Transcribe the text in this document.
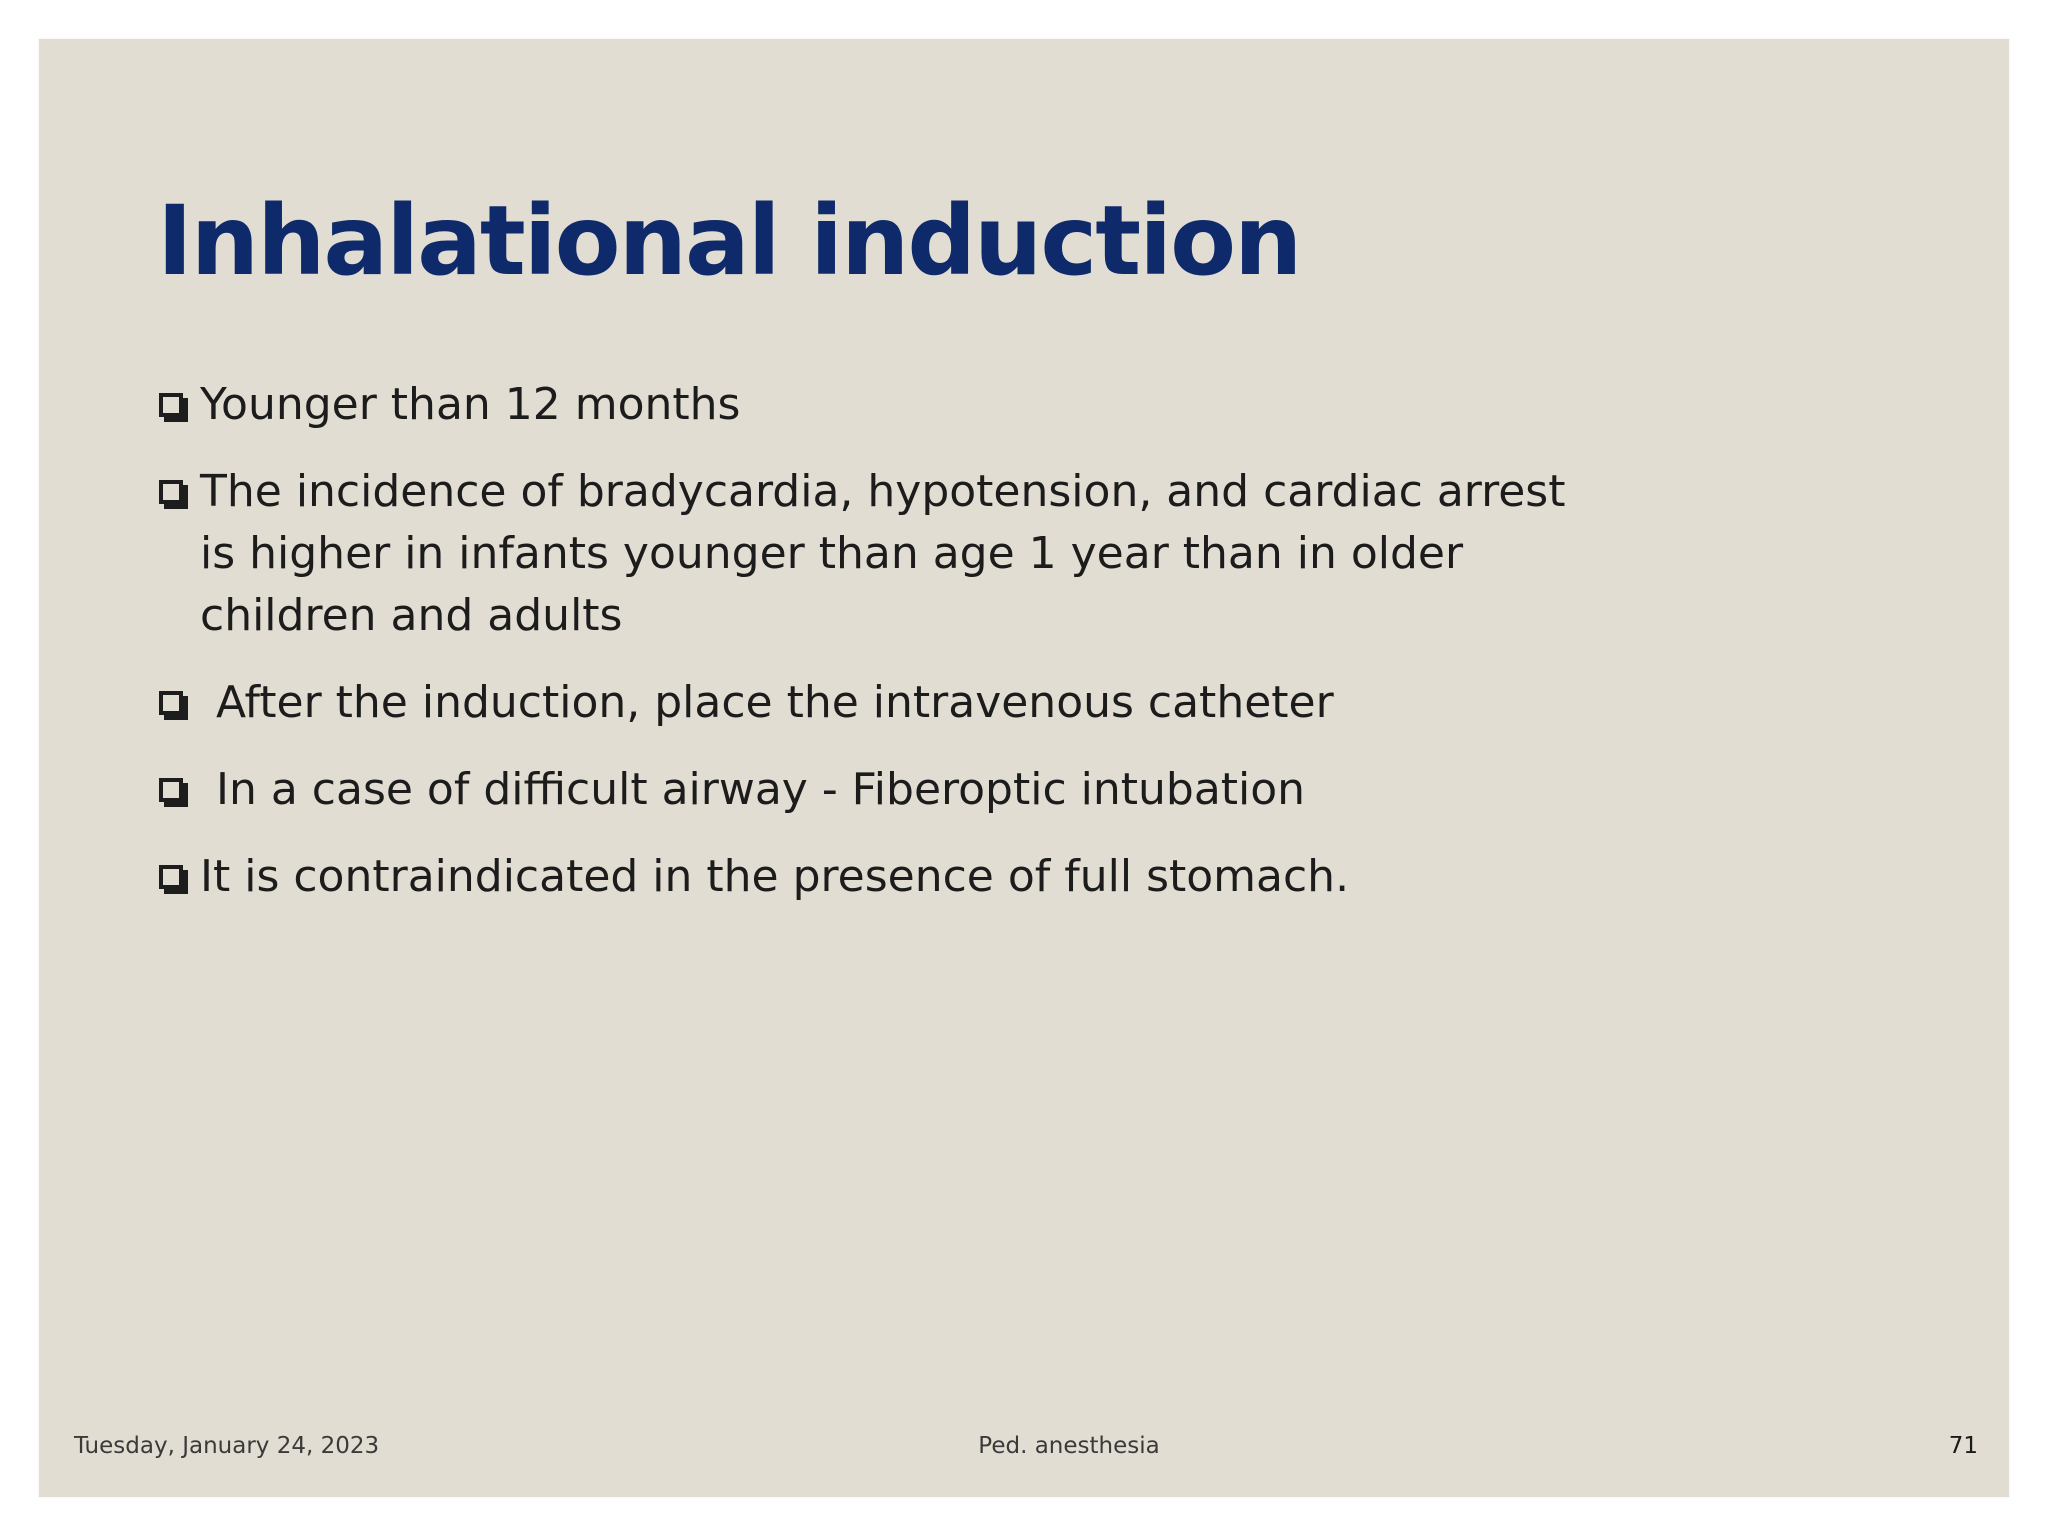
Inhalational induction
Younger than 12 months
The incidence of bradycardia, hypotension, and cardiac arrest is higher in infants younger than age 1 year than in older children and adults
After the induction, place the intravenous catheter
In a case of difficult airway - Fiberoptic intubation
It is contraindicated in the presence of full stomach.
Tuesday, January 24, 2023	Ped. anesthesia	71
